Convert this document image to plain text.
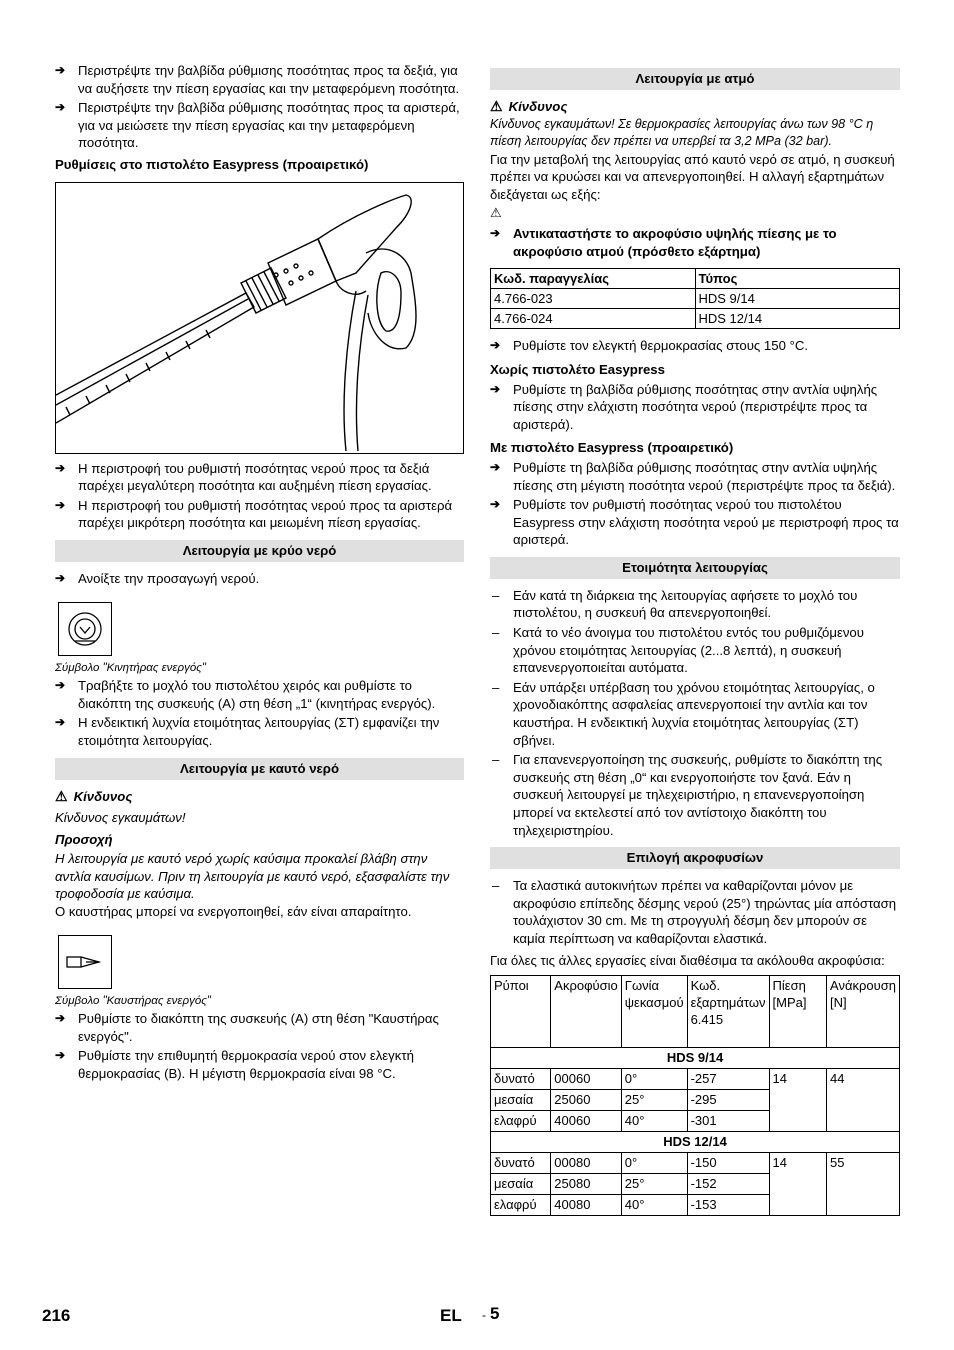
➔ Περιστρέψτε την βαλβίδα ρύθμισης ποσότητας προς τα δεξιά, για να αυξήσετε την πίεση εργασίας και την μεταφερόμενη ποσότητα.

➔ Περιστρέψτε την βαλβίδα ρύθμισης ποσότητας προς τα αριστερά, για να μειώσετε την πίεση εργασίας και την μεταφερόμενη ποσότητα.

Ρυθμίσεις στο πιστολέτο Easypress (προαιρετικό)

➔ Η περιστροφή του ρυθμιστή ποσότητας νερού προς τα δεξιά παρέχει μεγαλύτερη ποσότητα και αυξημένη πίεση εργασίας.

➔ Η περιστροφή του ρυθμιστή ποσότητας νερού προς τα αριστερά παρέχει μικρότερη ποσότητα και μειωμένη πίεση εργασίας.

Λειτουργία με κρύο νερό

➔ Ανοίξτε την προσαγωγή νερού.

Σύμβολο "Κινητήρας ενεργός"

➔ Τραβήξτε το μοχλό του πιστολέτου χειρός και ρυθμίστε το διακόπτη της συσκευής (A) στη θέση „1“ (κινητήρας ενεργός).

➔ Η ενδεικτική λυχνία ετοιμότητας λειτουργίας (ΣΤ) εμφανίζει την ετοιμότητα λειτουργίας.

Λειτουργία με καυτό νερό

⚠ Κίνδυνος

Κίνδυνος εγκαυμάτων!

Προσοχή

Η λειτουργία με καυτό νερό χωρίς καύσιμα προκαλεί βλάβη στην αντλία καυσίμων. Πριν τη λειτουργία με καυτό νερό, εξασφαλίστε την τροφοδοσία με καύσιμα.

Ο καυστήρας μπορεί να ενεργοποιηθεί, εάν είναι απαραίτητο.

Σύμβολο "Καυστήρας ενεργός"

➔ Ρυθμίστε το διακόπτη της συσκευής (A) στη θέση "Καυστήρας ενεργός".

➔ Ρυθμίστε την επιθυμητή θερμοκρασία νερού στον ελεγκτή θερμοκρασίας (B). Η μέγιστη θερμοκρασία είναι 98 °C.

Λειτουργία με ατμό

⚠ Κίνδυνος

Κίνδυνος εγκαυμάτων! Σε θερμοκρασίες λειτουργίας άνω των 98 °C η πίεση λειτουργίας δεν πρέπει να υπερβεί τα 3,2 MPa (32 bar).

Για την μεταβολή της λειτουργίας από καυτό νερό σε ατμό, η συσκευή πρέπει να κρυώσει και να απενεργοποιηθεί. Η αλλαγή εξαρτημάτων διεξάγεται ως εξής:

⚠

➔ Αντικαταστήστε το ακροφύσιο υψηλής πίεσης με το ακροφύσιο ατμού (πρόσθετο εξάρτημα)

Κωδ. παραγγελίας	Τύπος
4.766-023	HDS 9/14
4.766-024	HDS 12/14

➔ Ρυθμίστε τον ελεγκτή θερμοκρασίας στους 150 °C.

Χωρίς πιστολέτο Easypress

➔ Ρυθμίστε τη βαλβίδα ρύθμισης ποσότητας στην αντλία υψηλής πίεσης στην ελάχιστη ποσότητα νερού (περιστρέψτε προς τα αριστερά).

Με πιστολέτο Easypress (προαιρετικό)

➔ Ρυθμίστε τη βαλβίδα ρύθμισης ποσότητας στην αντλία υψηλής πίεσης στη μέγιστη ποσότητα νερού (περιστρέψτε προς τα δεξιά).

➔ Ρυθμίστε τον ρυθμιστή ποσότητας νερού του πιστολέτου Easypress στην ελάχιστη ποσότητα νερού με περιστροφή προς τα αριστερά.

Ετοιμότητα λειτουργίας

– Εάν κατά τη διάρκεια της λειτουργίας αφήσετε το μοχλό του πιστολέτου, η συσκευή θα απενεργοποιηθεί.

– Κατά το νέο άνοιγμα του πιστολέτου εντός του ρυθμιζόμενου χρόνου ετοιμότητας λειτουργίας (2...8 λεπτά), η συσκευή επανενεργοποιείται αυτόματα.

– Εάν υπάρξει υπέρβαση του χρόνου ετοιμότητας λειτουργίας, ο χρονοδιακόπτης ασφαλείας απενεργοποιεί την αντλία και τον καυστήρα. Η ενδεικτική λυχνία ετοιμότητας λειτουργίας (ΣΤ) σβήνει.

– Για επανενεργοποίηση της συσκευής, ρυθμίστε το διακόπτη της συσκευής στη θέση „0“ και ενεργοποιήστε τον ξανά. Εάν η συσκευή λειτουργεί με τηλεχειριστήριο, η επανενεργοποίηση μπορεί να εκτελεστεί από τον αντίστοιχο διακόπτη του τηλεχειριστηρίου.

Επιλογή ακροφυσίων

– Τα ελαστικά αυτοκινήτων πρέπει να καθαρίζονται μόνον με ακροφύσιο επίπεδης δέσμης νερού (25°) τηρώντας μία απόσταση τουλάχιστον 30 cm. Με τη στρογγυλή δέσμη δεν μπορούν σε καμία περίπτωση να καθαρίζονται ελαστικά.

Για όλες τις άλλες εργασίες είναι διαθέσιμα τα ακόλουθα ακροφύσια:

Ρύποι	Ακροφύσιο	Γωνία ψεκασμού	Κωδ. εξαρτημάτων 6.415	Πίεση [MPa]	Ανάκρουση [N]
HDS 9/14					
δυνατό	00060	0°	-257	14	44
μεσαία	25060	25°	-295		
ελαφρύ	40060	40°	-301		
HDS 12/14					
δυνατό	00080	0°	-150	14	55
μεσαία	25080	25°	-152		
ελαφρύ	40080	40°	-153		
216	EL - 5
